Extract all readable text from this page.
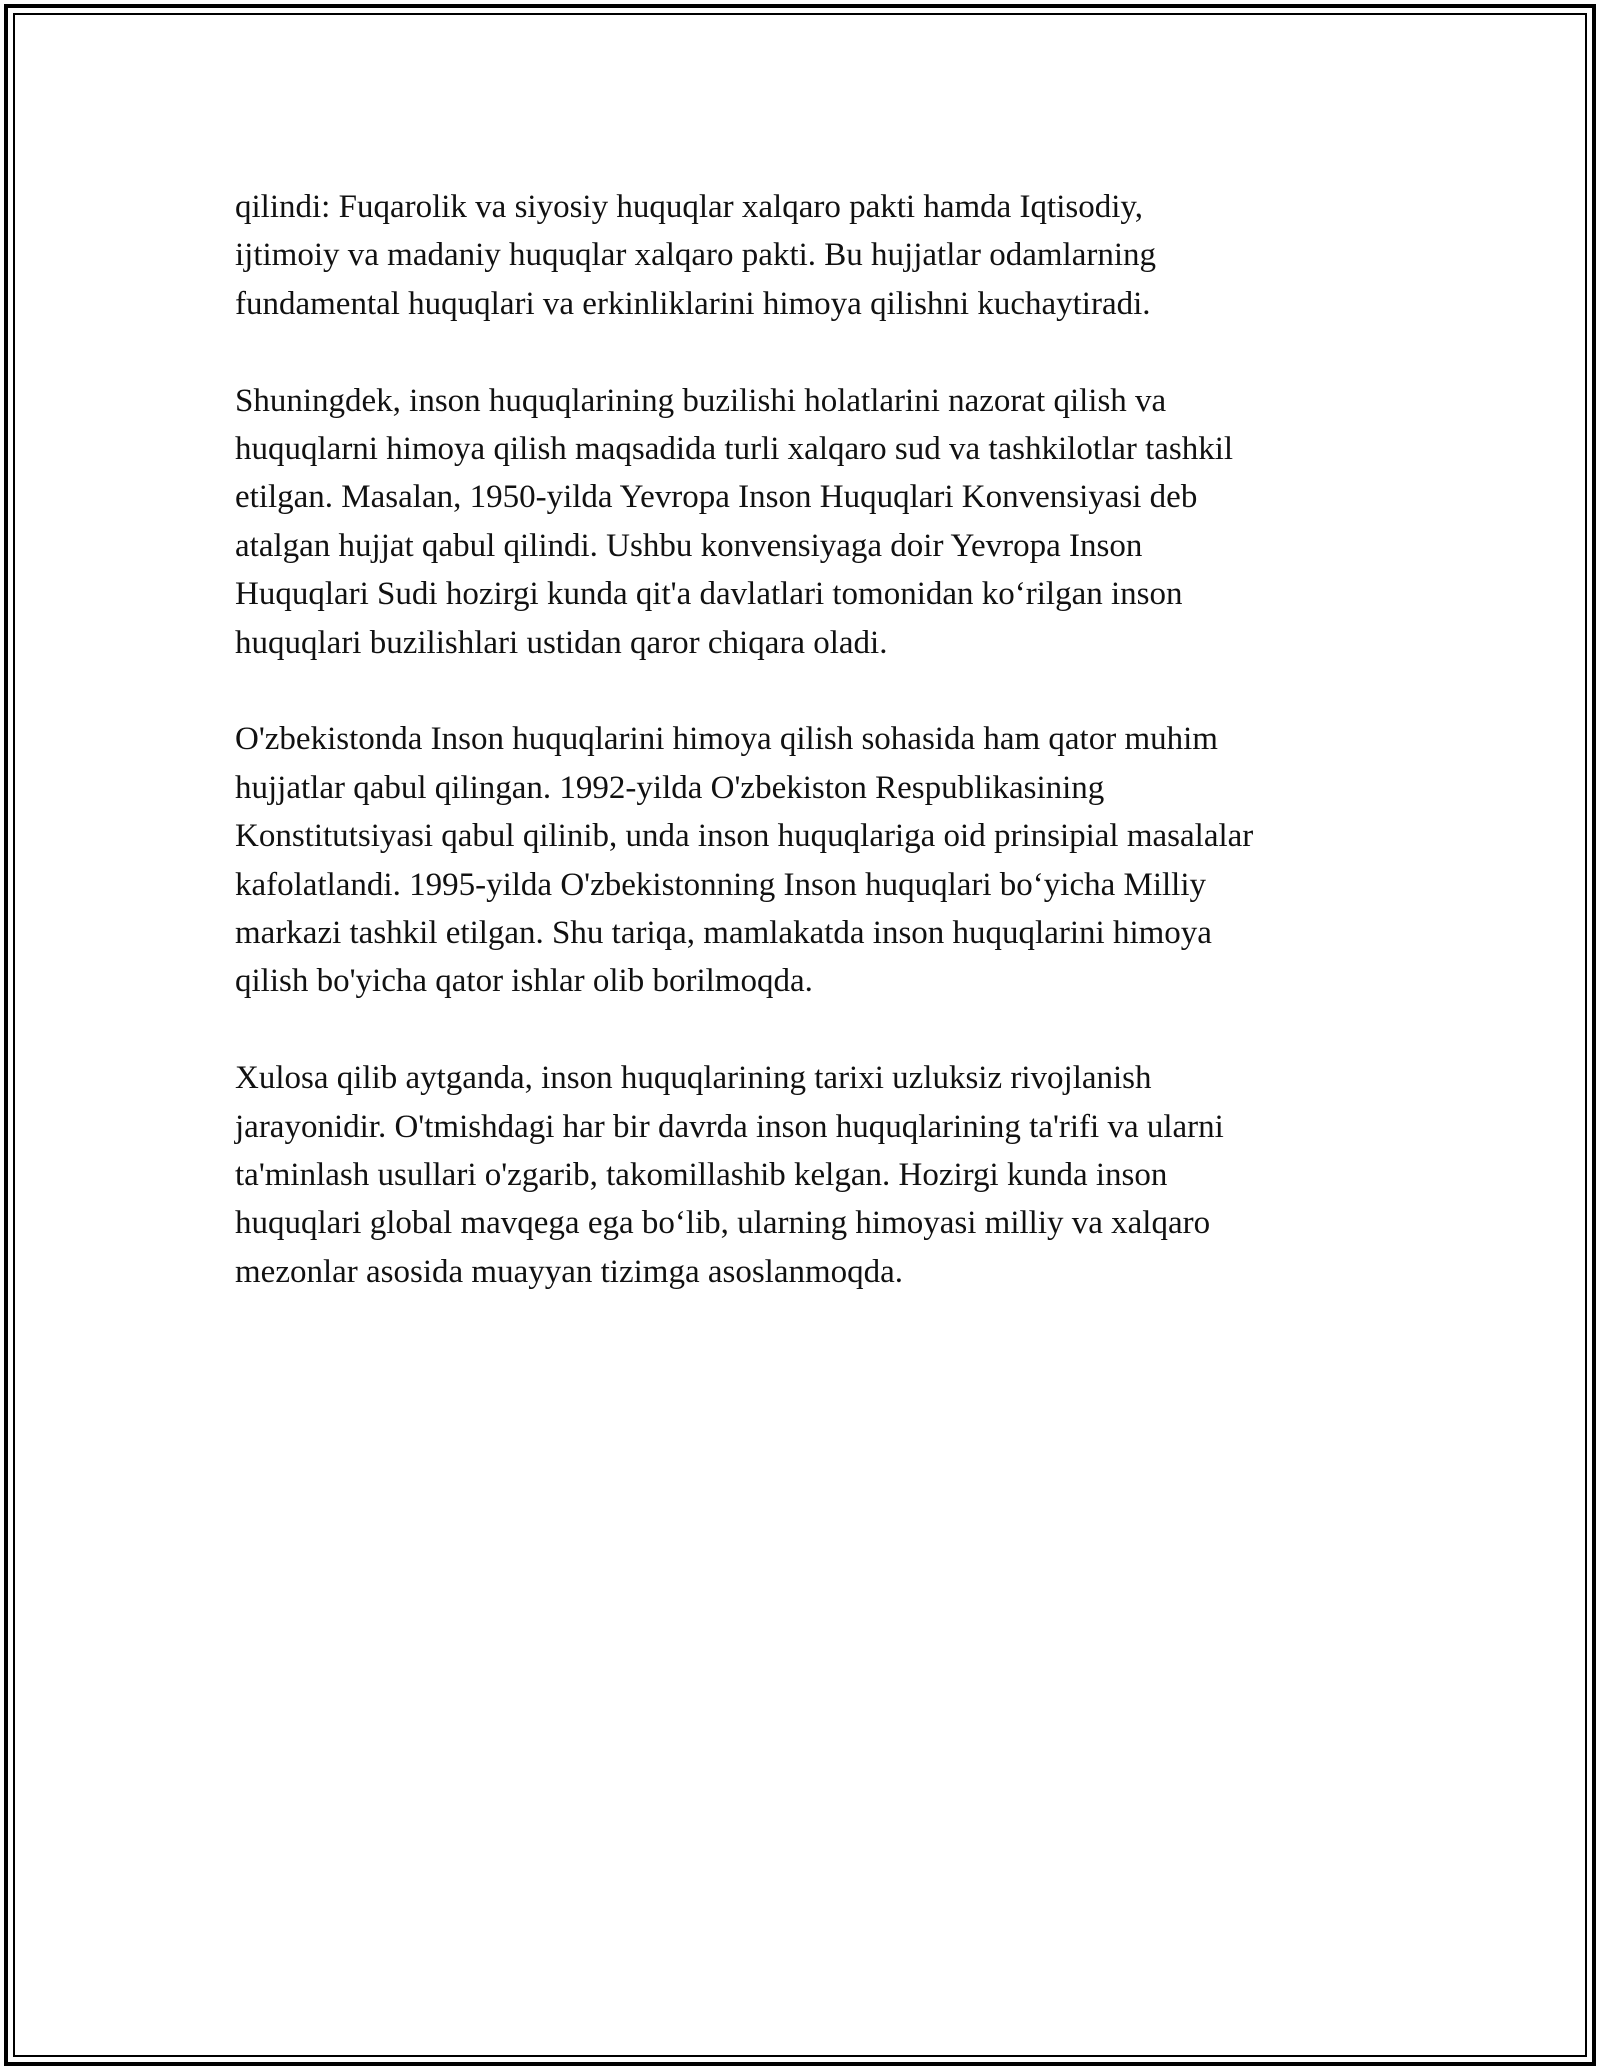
qilindi: Fuqarolik va siyosiy huquqlar xalqaro pakti hamda Iqtisodiy,
ijtimoiy va madaniy huquqlar xalqaro pakti. Bu hujjatlar odamlarning
fundamental huquqlari va erkinliklarini himoya qilishni kuchaytiradi.

Shuningdek, inson huquqlarining buzilishi holatlarini nazorat qilish va
huquqlarni himoya qilish maqsadida turli xalqaro sud va tashkilotlar tashkil
etilgan. Masalan, 1950-yilda Yevropa Inson Huquqlari Konvensiyasi deb
atalgan hujjat qabul qilindi. Ushbu konvensiyaga doir Yevropa Inson
Huquqlari Sudi hozirgi kunda qit'a davlatlari tomonidan ko‘rilgan inson
huquqlari buzilishlari ustidan qaror chiqara oladi.

O'zbekistonda Inson huquqlarini himoya qilish sohasida ham qator muhim
hujjatlar qabul qilingan. 1992-yilda O'zbekiston Respublikasining
Konstitutsiyasi qabul qilinib, unda inson huquqlariga oid prinsipial masalalar
kafolatlandi. 1995-yilda O'zbekistonning Inson huquqlari bo‘yicha Milliy
markazi tashkil etilgan. Shu tariqa, mamlakatda inson huquqlarini himoya
qilish bo'yicha qator ishlar olib borilmoqda.

Xulosa qilib aytganda, inson huquqlarining tarixi uzluksiz rivojlanish
jarayonidir. O'tmishdagi har bir davrda inson huquqlarining ta'rifi va ularni
ta'minlash usullari o'zgarib, takomillashib kelgan. Hozirgi kunda inson
huquqlari global mavqega ega bo‘lib, ularning himoyasi milliy va xalqaro
mezonlar asosida muayyan tizimga asoslanmoqda.
